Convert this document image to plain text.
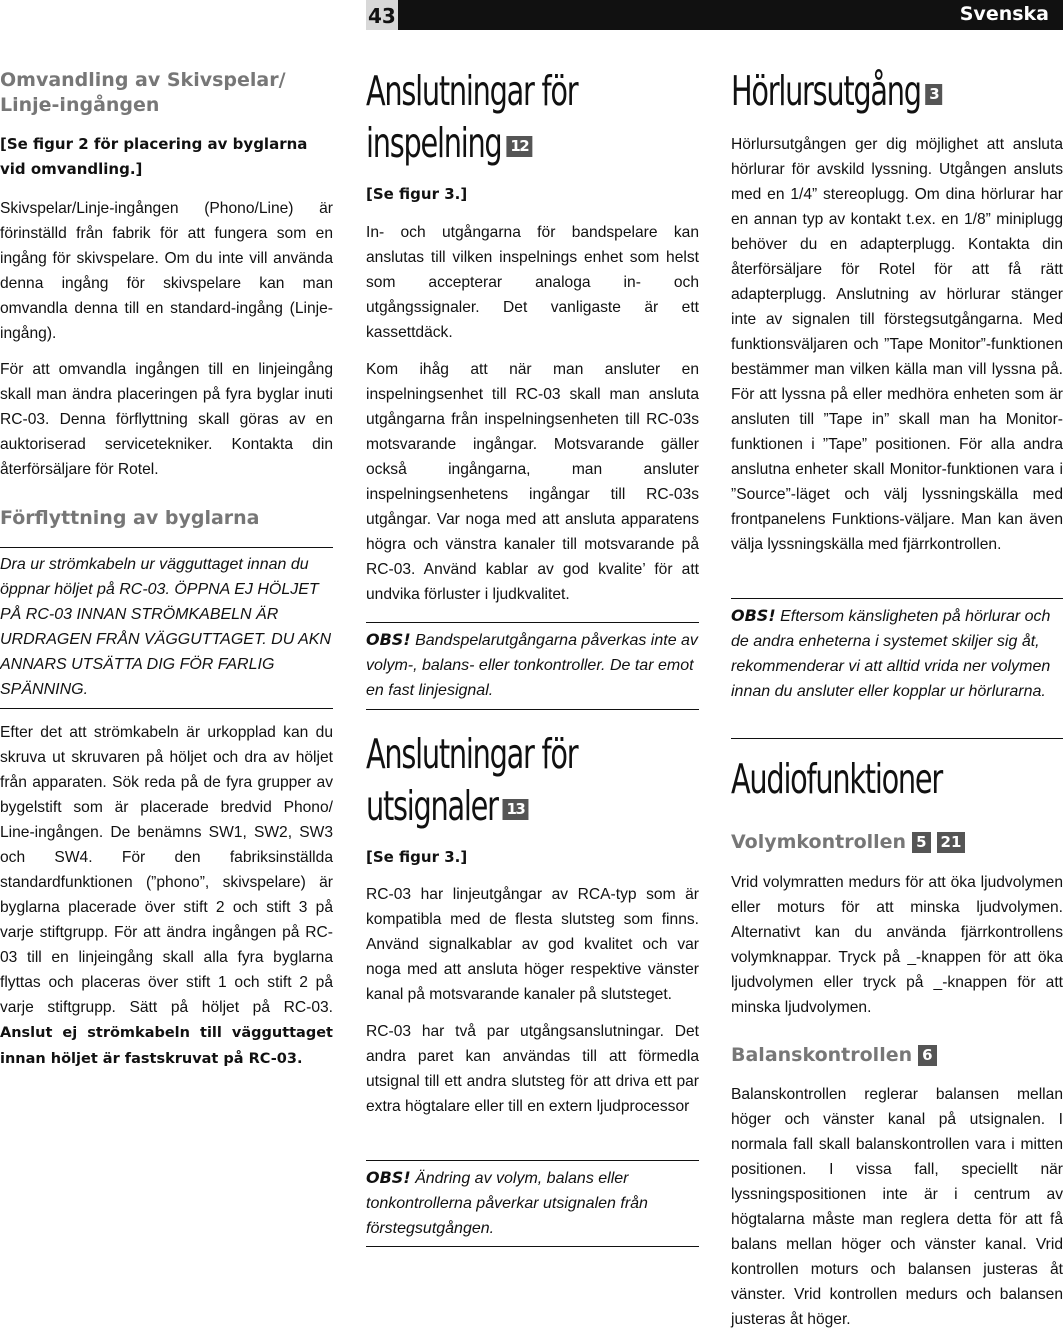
43	Svenska

Omvandling av Skivspelar/ Linje-ingången

[Se figur 2 för placering av byglarna vid omvandling.]

Skivspelar/Linje-ingången (Phono/Line) är förinställd från fabrik för att fungera som en ingång för skivspelare. Om du inte vill använda denna ingång för skivspelare kan man omvandla denna till en standard-ingång (Linje-ingång).

För att omvandla ingången till en linjeingång skall man ändra placeringen på fyra byglar inuti RC-03. Denna förflyttning skall göras av en auktoriserad servicetekniker. Kontakta din återförsäljare för Rotel.

Förflyttning av byglarna

Dra ur strömkabeln ur vägguttaget innan du öppnar höljet på RC-03. ÖPPNA EJ HÖLJET PÅ RC-03 INNAN STRÖMKABELN ÄR URDRAGEN FRÅN VÄGGUTTAGET. DU AKN ANNARS UTSÄTTA DIG FÖR FARLIG SPÄNNING.

Efter det att strömkabeln är urkopplad kan du skruva ut skruvaren på höljet och dra av höljet från apparaten. Sök reda på de fyra grupper av bygelstift som är placerade bredvid Phono/ Line-ingången. De benämns SW1, SW2, SW3 och SW4. För den fabriksinställda standardfunktionen (”phono”, skivspelare) är byglarna placerade över stift 2 och stift 3 på varje stiftgrupp. För att ändra ingången på RC-03 till en linjeingång skall alla fyra byglarna flyttas och placeras över stift 1 och stift 2 på varje stiftgrupp. Sätt på höljet på RC-03. Anslut ej strömkabeln till vägguttaget innan höljet är fastskruvat på RC-03.

Anslutningar för

inspelning 12

[Se figur 3.]

In- och utgångarna för bandspelare kan anslutas till vilken inspelnings enhet som helst som accepterar analoga in- och utgångssignaler. Det vanligaste är ett kassettdäck.

Kom ihåg att när man ansluter en inspelningsenhet till RC-03 skall man ansluta utgångarna från inspelningsenheten till RC-03s motsvarande ingångar. Motsvarande gäller också ingångarna, man ansluter inspelningsenhetens ingångar till RC-03s utgångar. Var noga med att ansluta apparatens högra och vänstra kanaler till motsvarande på RC-03. Använd kablar av god kvalite’ för att undvika förluster i ljudkvalitet.

OBS! Bandspelarutgångarna påverkas inte av volym-, balans- eller tonkontroller. De tar emot en fast linjesignal.

Anslutningar för

utsignaler 13

[Se figur 3.]

RC-03 har linjeutgångar av RCA-typ som är kompatibla med de flesta slutsteg som finns. Använd signalkablar av god kvalitet och var noga med att ansluta höger respektive vänster kanal på motsvarande kanaler på slutsteget.

RC-03 har två par utgångsanslutningar. Det andra paret kan användas till att förmedla utsignal till ett andra slutsteg för att driva ett par extra högtalare eller till en extern ljudprocessor

OBS! Ändring av volym, balans eller tonkontrollerna påverkar utsignalen från förstegsutgången.

Hörlursutgång 3

Hörlursutgången ger dig möjlighet att ansluta hörlurar för avskild lyssning. Utgången ansluts med en 1/4” stereoplugg. Om dina hörlurar har en annan typ av kontakt t.ex. en 1/8” miniplugg behöver du en adapterplugg. Kontakta din återförsäljare för Rotel för att få rätt adapterplugg. Anslutning av hörlurar stänger inte av signalen till förstegsutgångarna. Med funktionsväljaren och ”Tape Monitor”-funktionen bestämmer man vilken källa man vill lyssna på. För att lyssna på eller medhöra enheten som är ansluten till ”Tape in” skall man ha Monitor-funktionen i ”Tape” positionen. För alla andra anslutna enheter skall Monitor-funktionen vara i ”Source”-läget och välj lyssningskälla med frontpanelens Funktions-väljare. Man kan även välja lyssningskälla med fjärrkontrollen.

OBS! Eftersom känsligheten på hörlurar och de andra enheterna i systemet skiljer sig åt, rekommenderar vi att alltid vrida ner volymen innan du ansluter eller kopplar ur hörlurarna.

Audiofunktioner

Volymkontrollen 5 21

Vrid volymratten medurs för att öka ljudvolymen eller moturs för att minska ljudvolymen. Alternativt kan du använda fjärrkontrollens volymknappar. Tryck på _-knappen för att öka ljudvolymen eller tryck på _-knappen för att minska ljudvolymen.

Balanskontrollen 6

Balanskontrollen reglerar balansen mellan höger och vänster kanal på utsignalen. I normala fall skall balanskontrollen vara i mitten positionen. I vissa fall, speciellt när lyssningspositionen inte är i centrum av högtalarna måste man reglera detta för att få balans mellan höger och vänster kanal. Vrid kontrollen moturs och balansen justeras åt vänster. Vrid kontrollen medurs och balansen justeras åt höger.
